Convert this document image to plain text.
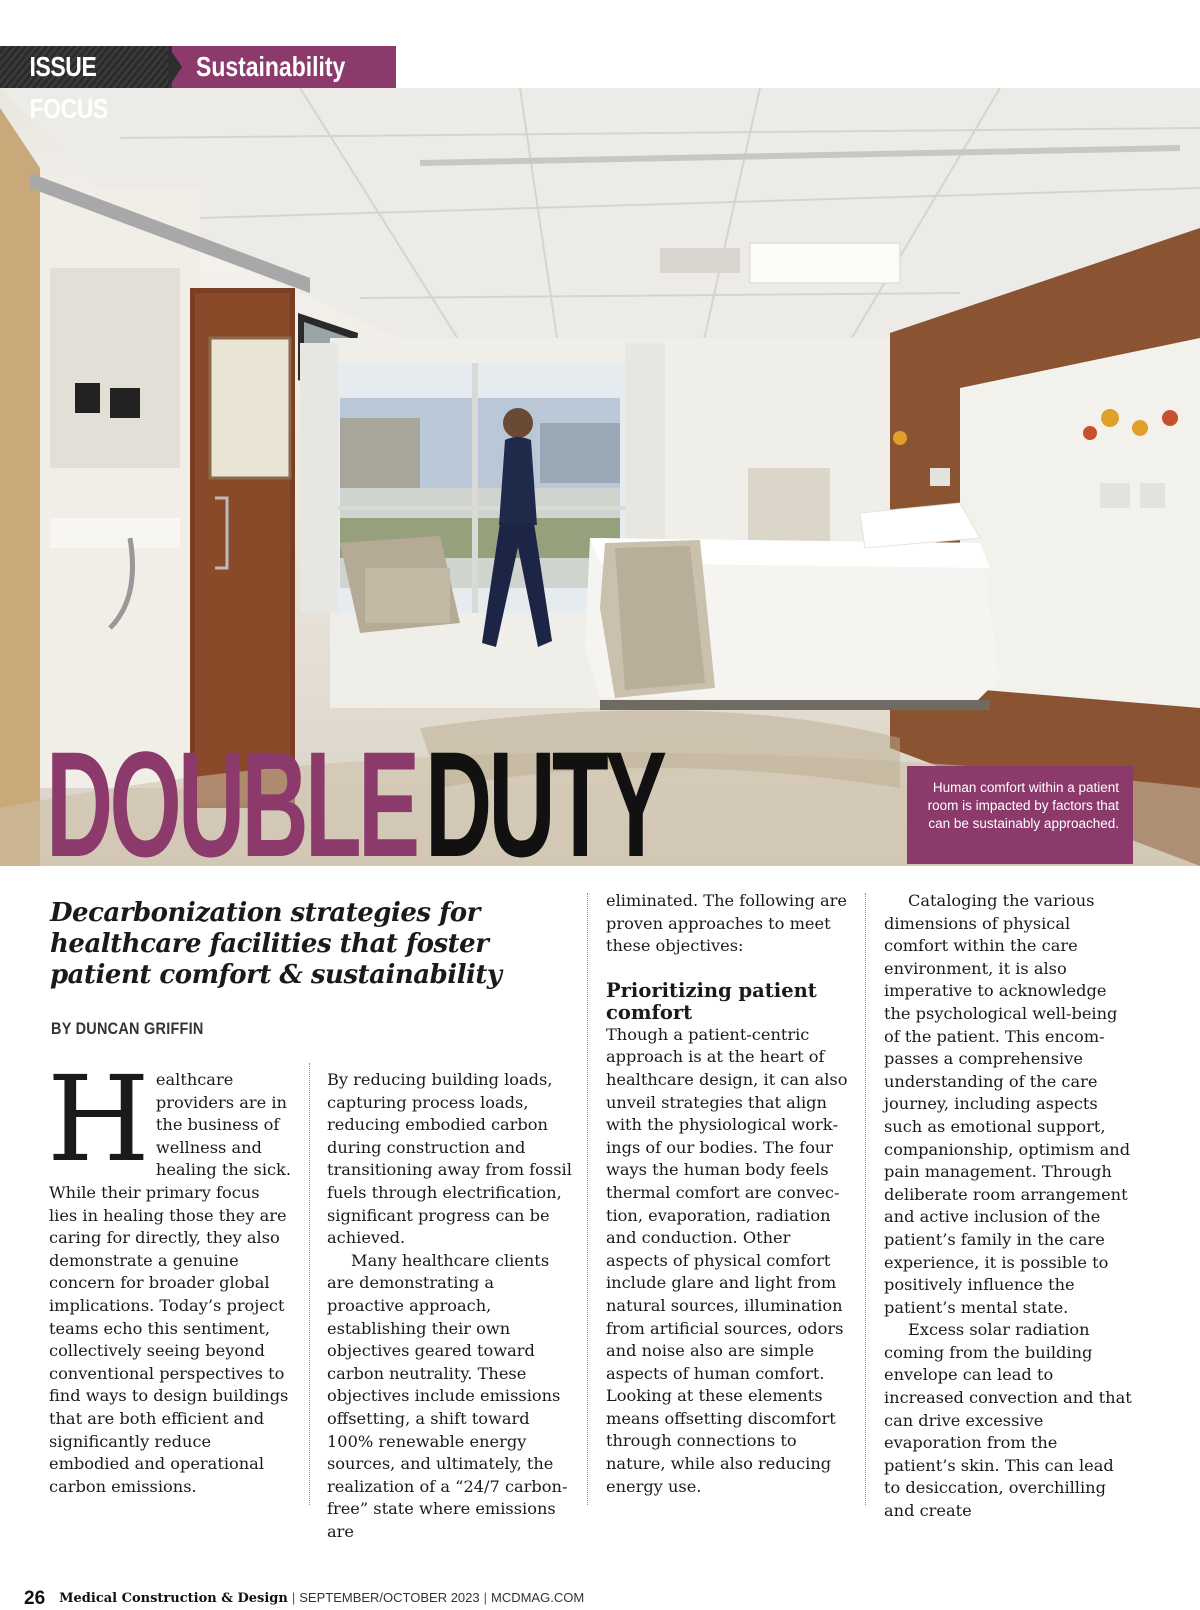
ISSUE FOCUS
Sustainability
DOUBLEDUTY	Human comfort within a patient room is impacted by factors that can be sustainably approached.
Decarbonization strategies for healthcare facilities that foster patient comfort & sustainability
BY DUNCAN GRIFFIN

Healthcare providers are in the business of wellness and healing the sick. While their primary focus lies in healing those they are caring for directly, they also demonstrate a genuine concern for broader global implications. Today’s project teams echo this sentiment, collectively seeing beyond conventional perspectives to find ways to design buildings that are both efficient and significantly reduce embodied and operational carbon emissions.

By reducing building loads, capturing process loads, reducing embodied carbon during construction and transitioning away from fossil fuels through electrification, significant progress can be achieved.

Many healthcare clients are demonstrating a proactive approach, establishing their own objectives geared toward carbon neutrality. These objectives include emissions offsetting, a shift toward 100% renewable energy sources, and ultimately, the realization of a “24/7 carbon-free” state where emissions are

eliminated. The following are proven approaches to meet these objectives:

Prioritizing patient comfort

Though a patient-centric approach is at the heart of healthcare design, it can also unveil strategies that align with the physiological workings of our bodies. The four ways the human body feels thermal comfort are convection, evaporation, radiation and conduction. Other aspects of physical comfort include glare and light from natural sources, illumination from artificial sources, odors and noise also are simple aspects of human comfort. Looking at these elements means offsetting discomfort through connections to nature, while also reducing energy use.

Cataloging the various dimensions of physical comfort within the care environment, it is also imperative to acknowledge the psychological well-being of the patient. This encompasses a comprehensive understanding of the care journey, including aspects such as emotional support, companionship, optimism and pain management. Through deliberate room arrangement and active inclusion of the patient’s family in the care experience, it is possible to positively influence the patient’s mental state.

Excess solar radiation coming from the building envelope can lead to increased convection and that can drive excessive evaporation from the patient’s skin. This can lead to desiccation, overchilling and create

26 Medical Construction & Design | SEPTEMBER/OCTOBER 2023 | MCDMAG.COM
